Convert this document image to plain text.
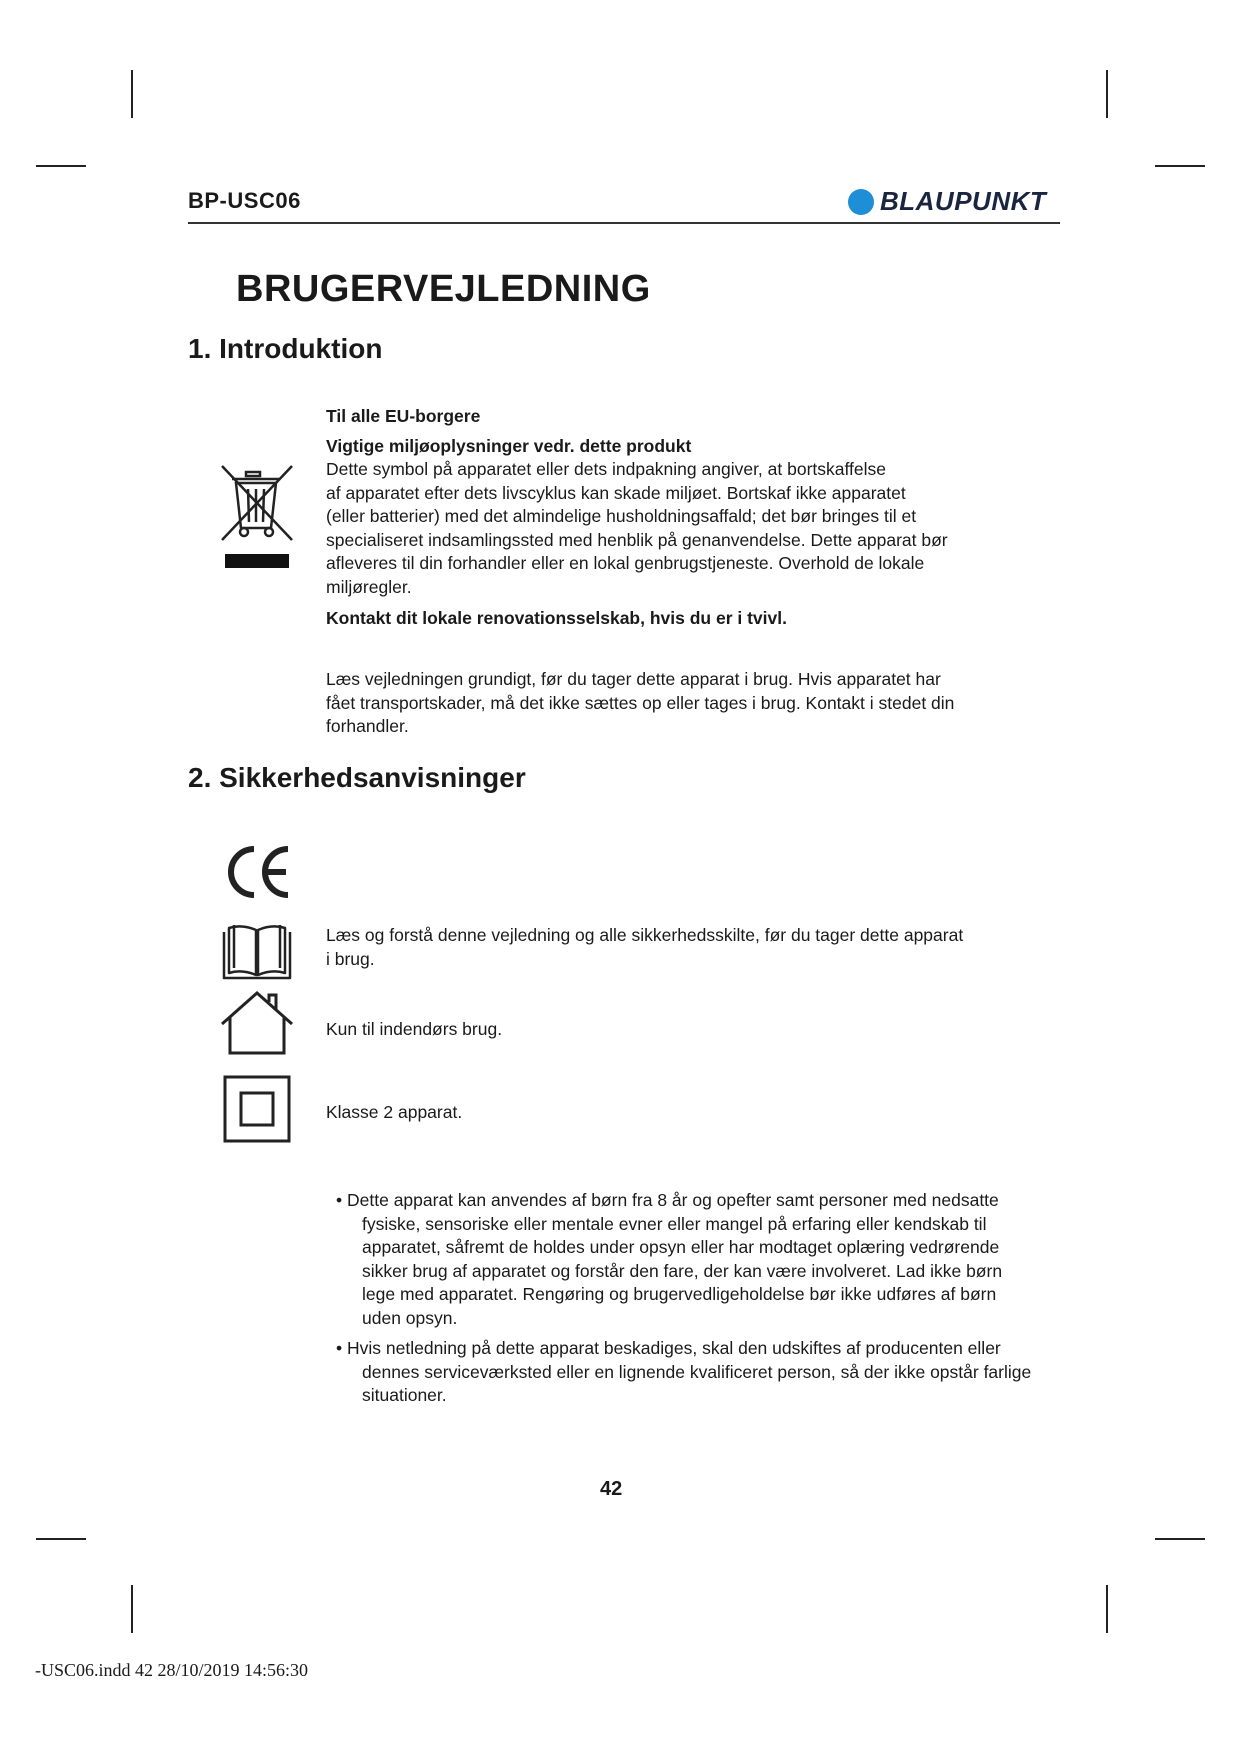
BP-USC06	BLAUPUNKT
BRUGERVEJLEDNING
1. Introduktion
Til alle EU-borgere
Vigtige miljøoplysninger vedr. dette produkt
Dette symbol på apparatet eller dets indpakning angiver, at bortskaffelse
af apparatet efter dets livscyklus kan skade miljøet. Bortskaf ikke apparatet
(eller batterier) med det almindelige husholdningsaffald; det bør bringes til et
specialiseret indsamlingssted med henblik på genanvendelse. Dette apparat bør
afleveres til din forhandler eller en lokal genbrugstjeneste. Overhold de lokale
miljøregler.
Kontakt dit lokale renovationsselskab, hvis du er i tvivl.
Læs vejledningen grundigt, før du tager dette apparat i brug. Hvis apparatet har
fået transportskader, må det ikke sættes op eller tages i brug. Kontakt i stedet din
forhandler.
2. Sikkerhedsanvisninger
Læs og forstå denne vejledning og alle sikkerhedsskilte, før du tager dette apparat
i brug.
Kun til indendørs brug.
Klasse 2 apparat.
• Dette apparat kan anvendes af børn fra 8 år og opefter samt personer med nedsatte fysiske, sensoriske eller mentale evner eller mangel på erfaring eller kendskab til apparatet, såfremt de holdes under opsyn eller har modtaget oplæring vedrørende sikker brug af apparatet og forstår den fare, der kan være involveret. Lad ikke børn lege med apparatet. Rengøring og brugervedligeholdelse bør ikke udføres af børn uden opsyn.
• Hvis netledning på dette apparat beskadiges, skal den udskiftes af producenten eller dennes serviceværksted eller en lignende kvalificeret person, så der ikke opstår farlige situationer.
42
-USC06.indd 42 28/10/2019 14:56:30
